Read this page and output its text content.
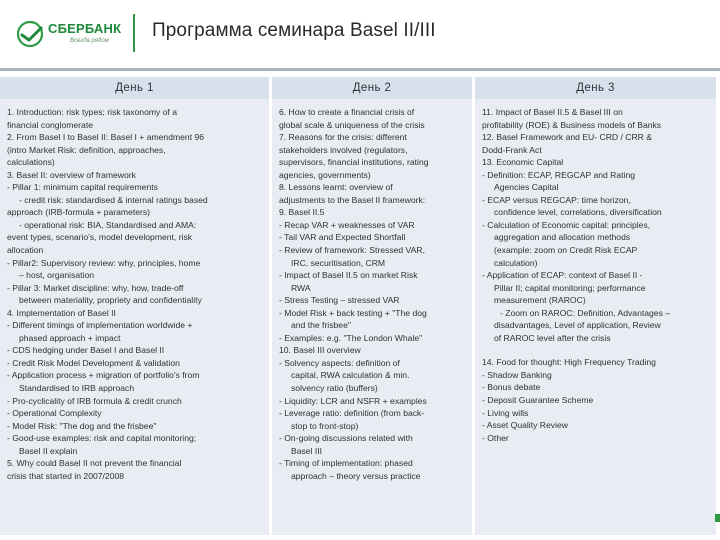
СБЕРБАНК
Всегда рядом Программа семинара Basel II/III
День 1	День 2	День 3
1. Introduction: risk types; risk taxonomy of a
financial conglomerate
2. From Basel I to Basel II: Basel I + amendment 96
(intro Market Risk: definition, approaches,
calculations)
3. Basel II: overview of framework
- Pillar 1: minimum capital requirements
- credit risk: standardised & internal ratings based
approach (IRB-formula + parameters)
- operational risk: BIA, Standardised and AMA:
event types, scenario's, model development, risk
allocation
- Pillar2: Supervisory review: why, principles, home
– host, organisation
- Pillar 3: Market discipline: why, how, trade-off
between materiality, propriety and confidentiality
4. Implementation of Basel II
- Different timings of implementation worldwide +
phased approach + impact
- CDS hedging under Basel I and Basel II
- Credit Risk Model Development & validation
- Application process + migration of portfolio's from
Standardised to IRB approach
- Pro-cyclicality of IRB formula & credit crunch
- Operational Complexity
- Model Risk: "The dog and the frisbee"
- Good-use examples: risk and capital monitoring;
Basel II explain
5. Why could Basel II not prevent the financial
crisis that started in 2007/2008
6. How to create a financial crisis of
global scale & uniqueness of the crisis
7. Reasons for the crisis: different
stakeholders involved (regulators,
supervisors, financial institutions, rating
agencies, governments)
8. Lessons learnt: overview of
adjustments to the Basel II framework:
9. Basel II.5
- Recap VAR + weaknesses of VAR
- Tail VAR and Expected Shortfall
- Review of framework: Stressed VAR,
IRC, securitisation, CRM
- Impact of Basel II.5 on market Risk
RWA
- Stress Testing – stressed VAR
- Model Risk + back testing + "The dog
and the frisbee"
- Examples: e.g. "The London Whale"
10. Basel III overview
- Solvency aspects: definition of
capital, RWA calculation & min.
solvency ratio (buffers)
- Liquidity: LCR and NSFR + examples
- Leverage ratio: definition (from back-
stop to front-stop)
- On-going discussions related with
Basel III
- Timing of implementation: phased
approach – theory versus practice
11. Impact of Basel II.5 & Basel III on
profitability (ROE) & Business models of Banks
12. Basel Framework and EU- CRD / CRR &
Dodd-Frank Act
13. Economic Capital
- Definition: ECAP, REGCAP and Rating
Agencies Capital
- ECAP versus REGCAP: time horizon,
confidence level, correlations, diversification
- Calculation of Economic capital: principles,
aggregation and allocation methods
(example: zoom on Credit Risk ECAP
calculation)
- Application of ECAP: context of Basel II -
Pillar II; capital monitoring; performance
measurement (RAROC)
- Zoom on RAROC: Definition, Advantages –
disadvantages, Level of application, Review
of RAROC level after the crisis
14. Food for thought: High Frequency Trading
- Shadow Banking
- Bonus debate
- Deposit Guarantee Scheme
- Living wills
- Asset Quality Review
- Other
